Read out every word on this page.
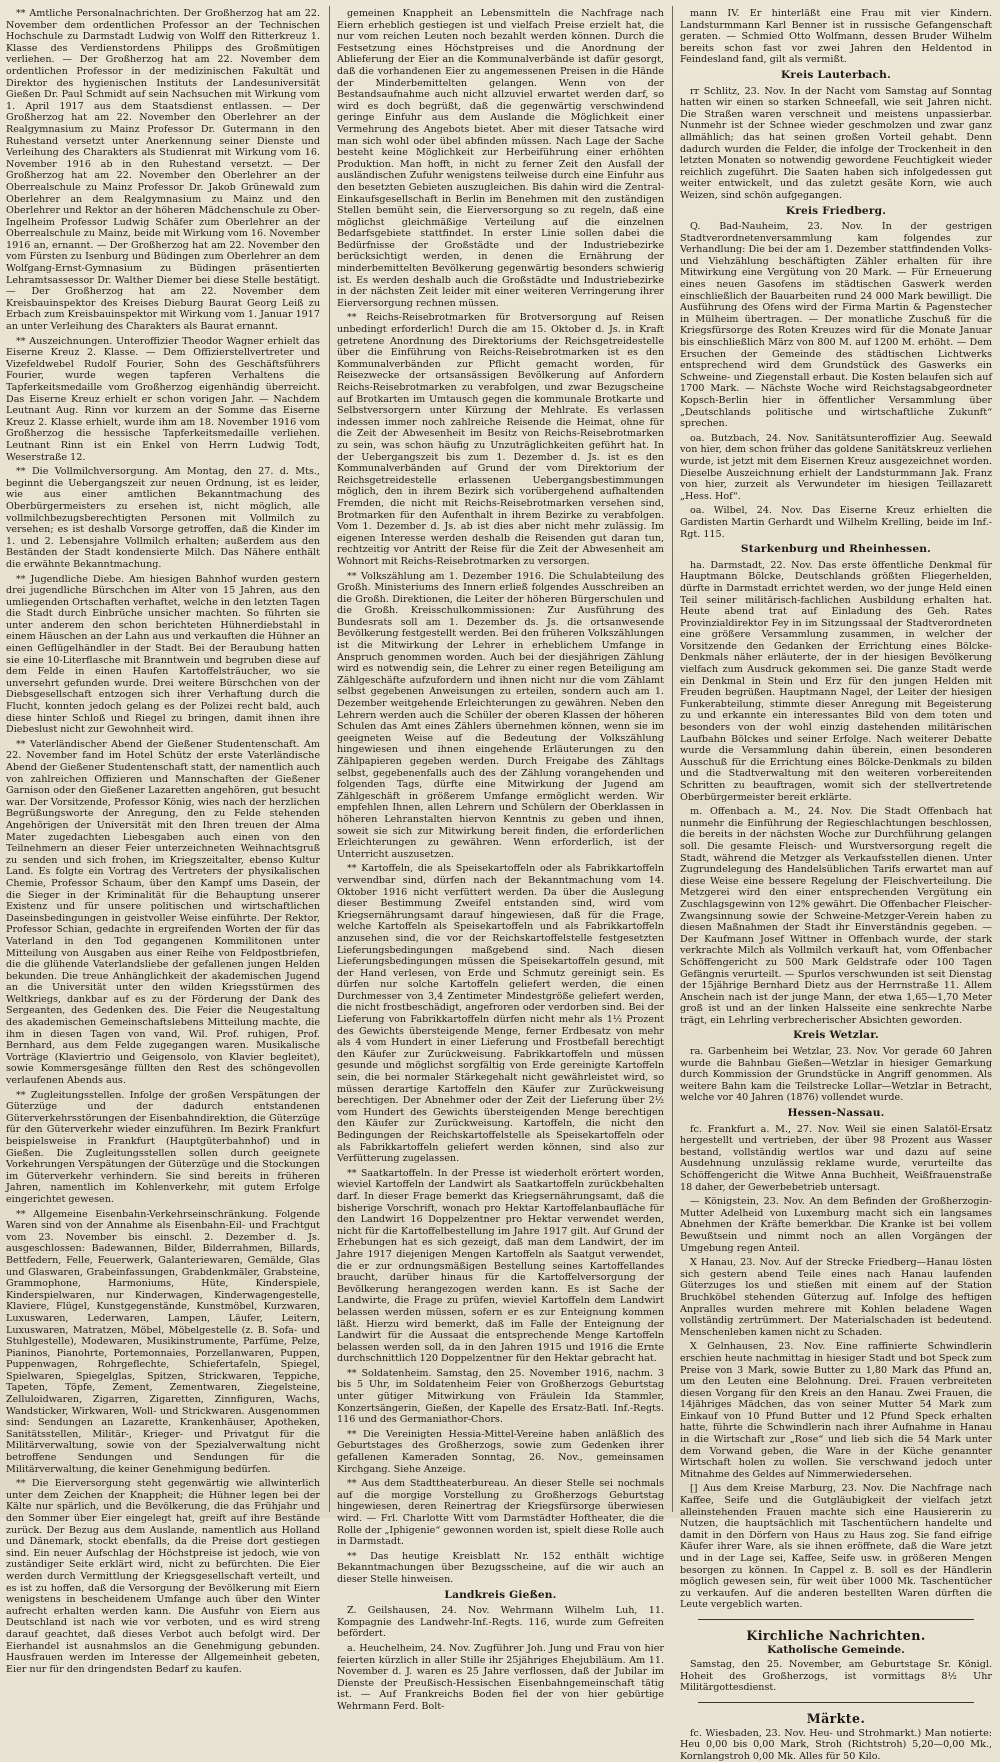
** Amtliche Personalnachrichten. Der Großherzog hat am 22. November dem ordentlichen Professor an der Technischen Hochschule zu Darmstadt Ludwig von Wolff den Ritterkreuz 1. Klasse des Verdienstordens Philipps des Großmütigen verliehen. — Der Großherzog hat am 22. November dem ordentlichen Professor in der medizinischen Fakultät und Direktor des hygienischen Instituts der Landesuniversität Gießen Dr. Paul Schmidt auf sein Nachsuchen mit Wirkung vom 1. April 1917 aus dem Staatsdienst entlassen. — Der Großherzog hat am 22. November den Oberlehrer an der Realgymnasium zu Mainz Professor Dr. Gutermann in den Ruhestand versetzt unter Anerkennung seiner Dienste und Verleihung des Charakters als Studienrat mit Wirkung vom 16. November 1916 ab in den Ruhestand versetzt. — Der Großherzog hat am 22. November den Oberlehrer an der Oberrealschule zu Mainz Professor Dr. Jakob Grünewald zum Oberlehrer an dem Realgymnasium zu Mainz und den Oberlehrer und Rektor an der höheren Mädchenschule zu Ober-Ingelheim Professor Ludwig Schäfer zum Oberlehrer an der Oberrealschule zu Mainz, beide mit Wirkung vom 16. November 1916 an, ernannt. — Der Großherzog hat am 22. November den vom Fürsten zu Isenburg und Büdingen zum Oberlehrer an dem Wolfgang-Ernst-Gymnasium zu Büdingen präsentierten Lehramtsassessor Dr. Walther Diemer bei diese Stelle bestätigt. — Der Großherzog hat am 22. November dem Kreisbauinspektor des Kreises Dieburg Baurat Georg Leiß zu Erbach zum Kreisbauinspektor mit Wirkung vom 1. Januar 1917 an unter Verleihung des Charakters als Baurat ernannt.

** Auszeichnungen. Unteroffizier Theodor Wagner erhielt das Eiserne Kreuz 2. Klasse. — Dem Offizierstellvertreter und Vizefeldwebel Rudolf Fourier, Sohn des Geschäftsführers Fourier, wurde wegen tapferen Verhaltens die Tapferkeitsmedaille vom Großherzog eigenhändig überreicht. Das Eiserne Kreuz erhielt er schon vorigen Jahr. — Nachdem Leutnant Aug. Rinn vor kurzem an der Somme das Eiserne Kreuz 2. Klasse erhielt, wurde ihm am 18. November 1916 vom Großherzog die hessische Tapferkeitsmedaille verliehen. Leutnant Rinn ist ein Enkel von Herrn Ludwig Todt, Weserstraße 12.

** Die Vollmilchversorgung. Am Montag, den 27. d. Mts., beginnt die Uebergangszeit zur neuen Ordnung, ist es leider, wie aus einer amtlichen Bekanntmachung des Oberbürgermeisters zu ersehen ist, nicht möglich, alle vollmilchbezugsberechtigten Personen mit Vollmilch zu versehen; es ist deshalb Vorsorge getroffen, daß die Kinder im 1. und 2. Lebensjahre Vollmilch erhalten; außerdem aus den Beständen der Stadt kondensierte Milch. Das Nähere enthält die erwähnte Bekanntmachung.

** Jugendliche Diebe. Am hiesigen Bahnhof wurden gestern drei jugendliche Bürschchen im Alter von 15 Jahren, aus den umliegenden Ortschaften verhaftet, welche in den letzten Tagen die Stadt durch Einbrüche unsicher machten. So führten sie unter anderem den schon berichteten Hühnerdiebstahl in einem Häuschen an der Lahn aus und verkauften die Hühner an einen Geflügelhändler in der Stadt. Bei der Beraubung hatten sie eine 10-Literflasche mit Branntwein und begruben diese auf dem Felde in einen Haufen Kartoffelsträucher, wo sie unversehrt gefunden wurde. Drei weitere Bürschchen von der Diebsgesellschaft entzogen sich ihrer Verhaftung durch die Flucht, konnten jedoch gelang es der Polizei recht bald, auch diese hinter Schloß und Riegel zu bringen, damit ihnen ihre Diebeslust nicht zur Gewohnheit wird.

** Vaterländischer Abend der Gießener Studentenschaft. Am 22. November fand im Hotel Schütz der erste Vaterländische Abend der Gießener Studentenschaft statt, der namentlich auch von zahlreichen Offizieren und Mannschaften der Gießener Garnison oder den Gießener Lazaretten angehören, gut besucht war. Der Vorsitzende, Professor König, wies nach der herzlichen Begrüßungsworte der Anregung, den zu Felde stehenden Angehörigen der Universität mit den Ihren treuen der Alma Mater zugedachten Liebesgaben auch einen von den Teilnehmern an dieser Feier unterzeichneten Weihnachtsgruß zu senden und sich frohen, im Kriegszeitalter, ebenso Kultur Land. Es folgte ein Vortrag des Vertreters der physikalischen Chemie, Professor Schaum, über den Kampf ums Dasein, der die Sieger in der Kriminalität für die Behauptung unserer Existenz und für unsere politischen und wirtschaftlichen Daseinsbedingungen in geistvoller Weise einführte. Der Rektor, Professor Schian, gedachte in ergreifenden Worten der für das Vaterland in den Tod gegangenen Kommilitonen unter Mitteilung von Ausgaben aus einer Reihe von Feldpostbriefen, die die glühende Vaterlandsliebe der gefallenen jungen Helden bekunden. Die treue Anhänglichkeit der akademischen Jugend an die Universität unter den wilden Kriegsstürmen des Weltkriegs, dankbar auf es zu der Förderung der Dank des Sergeanten, des Gedenken des. Die Feier die Neugestaltung des akademischen Gemeinschaftslebens Mitteilung machte, die ihm in diesen Tagen von vand, Wil. Prof. ruhigen, Prof. Bernhard, aus dem Felde zugegangen waren. Musikalische Vorträge (Klaviertrio und Geigensolo, von Klavier begleitet), sowie Kommersgesänge füllten den Rest des schöngevollen verlaufenen Abends aus.

** Zugleitungsstellen. Infolge der großen Verspätungen der Güterzüge und der dadurch entstandenen Güterverkehrsstörungen der Eisenbahndirektion, die Güterzüge für den Güterverkehr wieder einzuführen. Im Bezirk Frankfurt beispielsweise in Frankfurt (Hauptgüterbahnhof) und in Gießen. Die Zugleitungsstellen sollen durch geeignete Vorkehrungen Verspätungen der Güterzüge und die Stockungen im Güterverkehr verhindern. Sie sind bereits in früheren Jahren, namentlich im Kohlenverkehr, mit gutem Erfolge eingerichtet gewesen.

** Allgemeine Eisenbahn-Verkehrseinschränkung. Folgende Waren sind von der Annahme als Eisenbahn-Eil- und Frachtgut vom 23. November bis einschl. 2. Dezember d. Js. ausgeschlossen: Badewannen, Bilder, Bilderrahmen, Billards, Bettfedern, Felle, Feuerwerk, Galanteriewaren, Gemälde, Glas und Glaswaren, Grabeinfassungen, Grabdenkmäler, Grabsteine, Grammophone, Harmoniums, Hüte, Kinderspiele, Kinderspielwaren, nur Kinderwagen, Kinderwagengestelle, Klaviere, Flügel, Kunstgegenstände, Kunstmöbel, Kurzwaren, Luxuswaren, Lederwaren, Lampen, Läufer, Leitern, Luxuswaren, Matratzen, Möbel, Möbelgestelle (z. B. Sofa- und Stuhlgestelle), Modewaren, Musikinstrumente, Parfüme, Pelze, Pianinos, Pianohrte, Portemonnaies, Porzellanwaren, Puppen, Puppenwagen, Rohrgeflechte, Schiefertafeln, Spiegel, Spielwaren, Spiegelglas, Spitzen, Strickwaren, Teppiche, Tapeten, Töpfe, Zement, Zementwaren, Ziegelsteine, Zelluloidwaren, Zigarren, Zigaretten, Zinnfiguren, Wachs, Wandsticker, Wirkwaren, Woll- und Strickwaren. Ausgenommen sind: Sendungen an Lazarette, Krankenhäuser, Apotheken, Sanitätsstellen, Militär-, Krieger- und Privatgut für die Militärverwaltung, sowie von der Spezialverwaltung nicht betroffene Sendungen und Sendungen für die Militärverwaltung, die keiner Genehmigung bedürfen.

** Die Eierversorgung steht gegenwärtig wie allwinterlich unter dem Zeichen der Knappheit; die Hühner legen bei der Kälte nur spärlich, und die Bevölkerung, die das Frühjahr und den Sommer über Eier eingelegt hat, greift auf ihre Bestände zurück. Der Bezug aus dem Auslande, namentlich aus Holland und Dänemark, stockt ebenfalls, da die Preise dort gestiegen sind. Ein neuer Aufschlag der Höchstpreise ist jedoch, wie von zuständiger Seite erklärt wird, nicht zu befürchten. Die Eier werden durch Vermittlung der Kriegsgesellschaft verteilt, und es ist zu hoffen, daß die Versorgung der Bevölkerung mit Eiern wenigstens in bescheidenem Umfange auch über den Winter aufrecht erhalten werden kann. Die Ausfuhr von Eiern aus Deutschland ist nach wie vor verboten, und es wird streng darauf geachtet, daß dieses Verbot auch befolgt wird. Der Eierhandel ist ausnahmslos an die Genehmigung gebunden. Hausfrauen werden im Interesse der Allgemeinheit gebeten, Eier nur für den dringendsten Bedarf zu kaufen.

gemeinen Knappheit an Lebensmitteln die Nachfrage nach Eiern erheblich gestiegen ist und vielfach Preise erzielt hat, die nur vom reichen Leuten noch bezahlt werden können. Durch die Festsetzung eines Höchstpreises und die Anordnung der Ablieferung der Eier an die Kommunalverbände ist dafür gesorgt, daß die vorhandenen Eier zu angemessenen Preisen in die Hände der Minderbemittelten gelangen. Wenn von der Bestandsaufnahme auch nicht allzuviel erwartet werden darf, so wird es doch begrüßt, daß die gegenwärtig verschwindend geringe Einfuhr aus dem Auslande die Möglichkeit einer Vermehrung des Angebots bietet. Aber mit dieser Tatsache wird man sich wohl oder übel abfinden müssen. Nach Lage der Sache besteht keine Möglichkeit zur Herbeiführung einer erhöhten Produktion. Man hofft, in nicht zu ferner Zeit den Ausfall der ausländischen Zufuhr wenigstens teilweise durch eine Einfuhr aus den besetzten Gebieten auszugleichen. Bis dahin wird die Zentral-Einkaufsgesellschaft in Berlin im Benehmen mit den zuständigen Stellen bemüht sein, die Eierversorgung so zu regeln, daß eine möglichst gleichmäßige Verteilung auf die einzelnen Bedarfsgebiete stattfindet. In erster Linie sollen dabei die Bedürfnisse der Großstädte und der Industriebezirke berücksichtigt werden, in denen die Ernährung der minderbemittelten Bevölkerung gegenwärtig besonders schwierig ist. Es werden deshalb auch die Großstädte und Industriebezirke in der nächsten Zeit leider mit einer weiteren Verringerung ihrer Eierversorgung rechnen müssen.

** Reichs-Reisebrotmarken für Brotversorgung auf Reisen unbedingt erforderlich! Durch die am 15. Oktober d. Js. in Kraft getretene Anordnung des Direktoriums der Reichsgetreidestelle über die Einführung von Reichs-Reisebrotmarken ist es den Kommunalverbänden zur Pflicht gemacht worden, für Reisezwecke der ortsansässigen Bevölkerung auf Anfordern Reichs-Reisebrotmarken zu verabfolgen, und zwar Bezugscheine auf Brotkarten im Umtausch gegen die kommunale Brotkarte und Selbstversorgern unter Kürzung der Mehlrate. Es verlassen indessen immer noch zahlreiche Reisende die Heimat, ohne für die Zeit der Abwesenheit im Besitz von Reichs-Reisebrotmarken zu sein, was schon häufig zu Unzuträglichkeiten geführt hat. In der Uebergangszeit bis zum 1. Dezember d. Js. ist es den Kommunalverbänden auf Grund der vom Direktorium der Reichsgetreidestelle erlassenen Uebergangsbestimmungen möglich, den in ihrem Bezirk sich vorübergehend aufhaltenden Fremden, die nicht mit Reichs-Reisebrotmarken versehen sind, Brotmarken für den Aufenthalt in ihrem Bezirke zu verabfolgen. Vom 1. Dezember d. Js. ab ist dies aber nicht mehr zulässig. Im eigenen Interesse werden deshalb die Reisenden gut daran tun, rechtzeitig vor Antritt der Reise für die Zeit der Abwesenheit am Wohnort mit Reichs-Reisebrotmarken zu versorgen.

** Volkszählung am 1. Dezember 1916. Die Schulabteilung des Großh. Ministeriums des Innern erließ folgendes Ausschreiben an die Großh. Direktionen, die Leiter der höheren Bürgerschulen und die Großh. Kreisschulkommissionen: Zur Ausführung des Bundesrats soll am 1. Dezember ds. Js. die ortsanwesende Bevölkerung festgestellt werden. Bei den früheren Volkszählungen ist die Mitwirkung der Lehrer in erheblichem Umfange in Anspruch genommen worden. Auch bei der diesjährigen Zählung wird es notwendig sein, die Lehrer zu einer regen Beteiligung am Zählgeschäfte aufzufordern und ihnen nicht nur die vom Zählamt selbst gegebenen Anweisungen zu erteilen, sondern auch am 1. Dezember weitgehende Erleichterungen zu gewähren. Neben den Lehrern werden auch die Schüler der oberen Klassen der höheren Schulen das Amt eines Zählers übernehmen können, wenn sie im geeigneten Weise auf die Bedeutung der Volkszählung hingewiesen und ihnen eingehende Erläuterungen zu den Zählpapieren gegeben werden. Durch Freigabe des Zähltags selbst, gegebenenfalls auch des der Zählung vorangehenden und folgenden Tags, dürfte eine Mitwirkung der Jugend am Zählgeschäft in größerem Umfange ermöglicht werden. Wir empfehlen Ihnen, allen Lehrern und Schülern der Oberklassen in höheren Lehranstalten hiervon Kenntnis zu geben und ihnen, soweit sie sich zur Mitwirkung bereit finden, die erforderlichen Erleichterungen zu gewähren. Wenn erforderlich, ist der Unterricht auszusetzen.

** Kartoffeln, die als Speisekartoffeln oder als Fabrikkartoffeln verwendbar sind, dürfen nach der Bekanntmachung vom 14. Oktober 1916 nicht verfüttert werden. Da über die Auslegung dieser Bestimmung Zweifel entstanden sind, wird vom Kriegsernährungsamt darauf hingewiesen, daß für die Frage, welche Kartoffeln als Speisekartoffeln und als Fabrikkartoffeln anzusehen sind, die vor der Reichskartoffelstelle festgesetzten Lieferungsbedingungen maßgebend sind. Nach diesen Lieferungsbedingungen müssen die Speisekartoffeln gesund, mit der Hand verlesen, von Erde und Schmutz gereinigt sein. Es dürfen nur solche Kartoffeln geliefert werden, die einen Durchmesser von 3,4 Zentimeter Mindestgröße geliefert werden, die nicht frostbeschädigt, angefroren oder verdorben sind. Bei der Lieferung von Fabrikkartoffeln dürfen nicht mehr als 1½ Prozent des Gewichts übersteigende Menge, ferner Erdbesatz von mehr als 4 vom Hundert in einer Lieferung und Frostbefall berechtigt den Käufer zur Zurückweisung. Fabrikkartoffeln und müssen gesunde und möglichst sorgfältig von Erde gereinigte Kartoffeln sein, die bei normaler Stärkegehalt nicht gewährleistet wird, so müssen derartige Kartoffeln den Käufer zur Zurückweisung berechtigen. Der Abnehmer oder der Zeit der Lieferung über 2½ vom Hundert des Gewichts übersteigenden Menge berechtigen den Käufer zur Zurückweisung. Kartoffeln, die nicht den Bedingungen der Reichskartoffelstelle als Speisekartoffeln oder als Fabrikkartoffeln geliefert werden können, sind also zur Verfütterung zugelassen.

** Saatkartoffeln. In der Presse ist wiederholt erörtert worden, wieviel Kartoffeln der Landwirt als Saatkartoffeln zurückbehalten darf. In dieser Frage bemerkt das Kriegsernährungsamt, daß die bisherige Vorschrift, wonach pro Hektar Kartoffelanbaufläche für den Landwirt 16 Doppelzentner pro Hektar verwendet werden, nicht für die Kartoffelbestellung im Jahre 1917 gilt. Auf Grund der Erhebungen hat es sich gezeigt, daß man dem Landwirt, der im Jahre 1917 diejenigen Mengen Kartoffeln als Saatgut verwendet, die er zur ordnungsmäßigen Bestellung seines Kartoffellandes braucht, darüber hinaus für die Kartoffelversorgung der Bevölkerung herangezogen werden kann. Es ist Sache der Landwirte, die Frage zu prüfen, wieviel Kartoffeln dem Landwirt belassen werden müssen, sofern er es zur Enteignung kommen läßt. Hierzu wird bemerkt, daß im Falle der Enteignung der Landwirt für die Aussaat die entsprechende Menge Kartoffeln belassen werden soll, da in den Jahren 1915 und 1916 die Ernte durchschnittlich 120 Doppelzentner für den Hektar gebracht hat.

** Soldatenheim. Samstag, den 25. November 1916, nachm. 3 bis 5 Uhr, im Soldatenheim Feier von Großherzogs Geburtstag unter gütiger Mitwirkung von Fräulein Ida Stammler, Konzertsängerin, Gießen, der Kapelle des Ersatz-Batl. Inf.-Regts. 116 und des Germaniathor-Chors.

** Die Vereinigten Hessia-Mittel-Vereine haben anläßlich des Geburtstages des Großherzogs, sowie zum Gedenken ihrer gefallenen Kameraden Sonntag, 26. Nov., gemeinsamen Kirchgang. Siehe Anzeige.

** Aus dem Stadttheaterbureau. An dieser Stelle sei nochmals auf die morgige Vorstellung zu Großherzogs Geburtstag hingewiesen, deren Reinertrag der Kriegsfürsorge überwiesen wird. — Frl. Charlotte Witt vom Darmstädter Hoftheater, die die Rolle der „Iphigenie“ gewonnen worden ist, spielt diese Rolle auch in Darmstadt.

** Das heutige Kreisblatt Nr. 152 enthält wichtige Bekanntmachungen über Bezugsscheine, auf die wir auch an dieser Stelle hinweisen.

Landkreis Gießen.

Z. Geilshausen, 24. Nov. Wehrmann Wilhelm Luh, 11. Kompagnie des Landwehr-Inf.-Regts. 116, wurde zum Gefreiten befördert.

a. Heuchelheim, 24. Nov. Zugführer Joh. Jung und Frau von hier feierten kürzlich in aller Stille ihr 25jähriges Ehejubiläum. Am 11. November d. J. waren es 25 Jahre verflossen, daß der Jubilar im Dienste der Preußisch-Hessischen Eisenbahngemeinschaft tätig ist. — Auf Frankreichs Boden fiel der von hier gebürtige Wehrmann Ferd. Bolt-

mann IV. Er hinterläßt eine Frau mit vier Kindern. Landsturmmann Karl Benner ist in russische Gefangenschaft geraten. — Schmied Otto Wolfmann, dessen Bruder Wilhelm bereits schon fast vor zwei Jahren den Heldentod in Feindesland fand, gilt als vermißt.

Kreis Lauterbach.

rr Schlitz, 23. Nov. In der Nacht vom Samstag auf Sonntag hatten wir einen so starken Schneefall, wie seit Jahren nicht. Die Straßen waren verschneit und meistens unpassierbar. Nunmehr ist der Schnee wieder geschmolzen und zwar ganz allmählich; das hat seinen großen Vorteil gehabt. Denn dadurch wurden die Felder, die infolge der Trockenheit in den letzten Monaten so notwendig gewordene Feuchtigkeit wieder reichlich zugeführt. Die Saaten haben sich infolgedessen gut weiter entwickelt, und das zuletzt gesäte Korn, wie auch Weizen, sind schön aufgegangen.

Kreis Friedberg.

Q. Bad-Nauheim, 23. Nov. In der gestrigen Stadtverordnetenversammlung kam folgendes zur Verhandlung: Die bei der am 1. Dezember stattfindenden Volks- und Viehzählung beschäftigten Zähler erhalten für ihre Mitwirkung eine Vergütung von 20 Mark. — Für Erneuerung eines neuen Gasofens im städtischen Gaswerk werden einschließlich der Bauarbeiten rund 24 000 Mark bewilligt. Die Ausführung des Ofens wird der Firma Martin & Pagenstecher in Mülheim übertragen. — Der monatliche Zuschuß für die Kriegsfürsorge des Roten Kreuzes wird für die Monate Januar bis einschließlich März von 800 M. auf 1200 M. erhöht. — Dem Ersuchen der Gemeinde des städtischen Lichtwerks entsprechend wird dem Grundstück des Gaswerks ein Schweine- und Ziegenstall erbaut. Die Kosten belaufen sich auf 1700 Mark. — Nächste Woche wird Reichstagsabgeordneter Kopsch-Berlin hier in öffentlicher Versammlung über „Deutschlands politische und wirtschaftliche Zukunft“ sprechen.

oa. Butzbach, 24. Nov. Sanitätsunteroffizier Aug. Seewald von hier, dem schon früher das goldene Sanitätskreuz verliehen wurde, ist jetzt mit dem Eisernen Kreuz ausgezeichnet worden. Dieselbe Auszeichnung erhielt der Landsturmmann Jak. Franz von hier, zurzeit als Verwundeter im hiesigen Teillazarett „Hess. Hof“.

oa. Wilbel, 24. Nov. Das Eiserne Kreuz erhielten die Gardisten Martin Gerhardt und Wilhelm Krelling, beide im Inf.-Rgt. 115.

Starkenburg und Rheinhessen.

ha. Darmstadt, 22. Nov. Das erste öffentliche Denkmal für Hauptmann Bölcke, Deutschlands größten Fliegerhelden, dürfte in Darmstadt errichtet werden, wo der junge Held einen Teil seiner militärisch-fachlichen Ausbildung erhalten hat. Heute abend trat auf Einladung des Geh. Rates Provinzialdirektor Fey in im Sitzungssaal der Stadtverordneten eine größere Versammlung zusammen, in welcher der Vorsitzende den Gedanken der Errichtung eines Bölcke-Denkmals näher erläuterte, der in der hiesigen Bevölkerung vielfach zum Ausdruck gekommen sei. Die ganze Stadt werde ein Denkmal in Stein und Erz für den jungen Helden mit Freuden begrüßen. Hauptmann Nagel, der Leiter der hiesigen Funkerabteilung, stimmte dieser Anregung mit Begeisterung zu und erkannte ein interessantes Bild von dem toten und besonders von der wohl einzig dastehenden militärischen Laufbahn Bölckes und seiner Erfolge. Nach weiterer Debatte wurde die Versammlung dahin überein, einen besonderen Ausschuß für die Errichtung eines Bölcke-Denkmals zu bilden und die Stadtverwaltung mit den weiteren vorbereitenden Schritten zu beauftragen, womit sich der stellvertretende Oberbürgermeister bereit erklärte.

m. Offenbach a. M., 24. Nov. Die Stadt Offenbach hat nunmehr die Einführung der Regieschlachtungen beschlossen, die bereits in der nächsten Woche zur Durchführung gelangen soll. Die gesamte Fleisch- und Wurstversorgung regelt die Stadt, während die Metzger als Verkaufsstellen dienen. Unter Zugrundelegung des Handelsüblichen Tarifs erwartet man auf diese Weise eine bessere Regelung der Fleischverteilung. Die Metzgerei wird den einer entsprechenden Vergütung ein Zuschlagsgewinn von 12% gewährt. Die Offenbacher Fleischer-Zwangsinnung sowie der Schweine-Metzger-Verein haben zu diesen Maßnahmen der Stadt ihr Einverständnis gegeben. — Der Kaufmann Josef Wittner in Offenbach wurde, der stark verkrachte Milch als Vollmilch verkauft hat, vom Offenbacher Schöffengericht zu 500 Mark Geldstrafe oder 100 Tagen Gefängnis verurteilt. — Spurlos verschwunden ist seit Dienstag der 15jährige Bernhard Dietz aus der Herrnstraße 11. Allem Anschein nach ist der junge Mann, der etwa 1,65—1,70 Meter groß ist und an der linken Halsseite eine senkrechte Narbe trägt, ein Lehrling verbrecherischer Absichten geworden.

Kreis Wetzlar.

ra. Garbenheim bei Wetzlar, 23. Nov. Vor gerade 60 Jahren wurde die Bahnbau Gießen—Wetzlar in hiesiger Gemarkung durch Kommission der Grundstücke in Angriff genommen. Als weitere Bahn kam die Teilstrecke Lollar—Wetzlar in Betracht, welche vor 40 Jahren (1876) vollendet wurde.

Hessen-Nassau.

fc. Frankfurt a. M., 27. Nov. Weil sie einen Salatöl-Ersatz hergestellt und vertrieben, der über 98 Prozent aus Wasser bestand, vollständig wertlos war und dazu auf seine Ausdehnung unzulässig reklame wurde, verurteilte das Schöffengericht die Witwe Anna Buchheit, Weißfrauenstraße 18 daher, der Gewerbebetrieb untersagt.

— Königstein, 23. Nov. An dem Befinden der Großherzogin-Mutter Adelheid von Luxemburg macht sich ein langsames Abnehmen der Kräfte bemerkbar. Die Kranke ist bei vollem Bewußtsein und nimmt noch an allen Vorgängen der Umgebung regen Anteil.

X Hanau, 23. Nov. Auf der Strecke Friedberg—Hanau lösten sich gestern abend Teile eines nach Hanau laufenden Güterzuges los und stießen mit einem auf der Station Bruchköbel stehenden Güterzug auf. Infolge des heftigen Anpralles wurden mehrere mit Kohlen beladene Wagen vollständig zertrümmert. Der Materialschaden ist bedeutend. Menschenleben kamen nicht zu Schaden.

X Gelnhausen, 23. Nov. Eine raffinierte Schwindlerin erschien heute nachmittag in hiesiger Stadt und bot Speck zum Preise von 3 Mark, sowie Butter zu 1,80 Mark das Pfund an, um den Leuten eine Belohnung. Drei. Frauen verbreiteten diesen Vorgang für den Kreis an den Hanau. Zwei Frauen, die 14jähriges Mädchen, das von seiner Mutter 54 Mark zum Einkauf von 10 Pfund Butter und 12 Pfund Speck erhalten hatte, führte die Schwindlerin nach ihrer Aufnahme in Hanau in die Wirtschaft zur „Rose“ und lieb sich die 54 Mark unter dem Vorwand geben, die Ware in der Küche genannter Wirtschaft holen zu wollen. Sie verschwand jedoch unter Mitnahme des Geldes auf Nimmerwiedersehen.

[] Aus dem Kreise Marburg, 23. Nov. Die Nachfrage nach Kaffee, Seife und die Gutgläubigkeit der vielfach jetzt alleinstehenden Frauen machte sich eine Hausiererin zu Nutzen, die hauptsächlich mit Taschentüchern handelte und damit in den Dörfern von Haus zu Haus zog. Sie fand eifrige Käufer ihrer Ware, als sie ihnen eröffnete, daß die Ware jetzt und in der Lage sei, Kaffee, Seife usw. in größeren Mengen besorgen zu können. In Cappel z. B. soll es der Händlerin möglich gewesen sein, für weit über 1000 Mk. Taschentücher zu verkaufen. Auf die anderen bestellten Waren dürften die Leute vergeblich warten.

Kirchliche Nachrichten.
Katholische Gemeinde.

Samstag, den 25. November, am Geburtstage Sr. Königl. Hoheit des Großherzogs, ist vormittags 8½ Uhr Militärgottesdienst.

Märkte.

fc. Wiesbaden, 23. Nov. Heu- und Strohmarkt.) Man notierte: Heu 0,00 bis 0,00 Mark, Stroh (Richtstroh) 5,20—0,00 Mk., Kornlangstroh 0,00 Mk. Alles für 50 Kilo.
